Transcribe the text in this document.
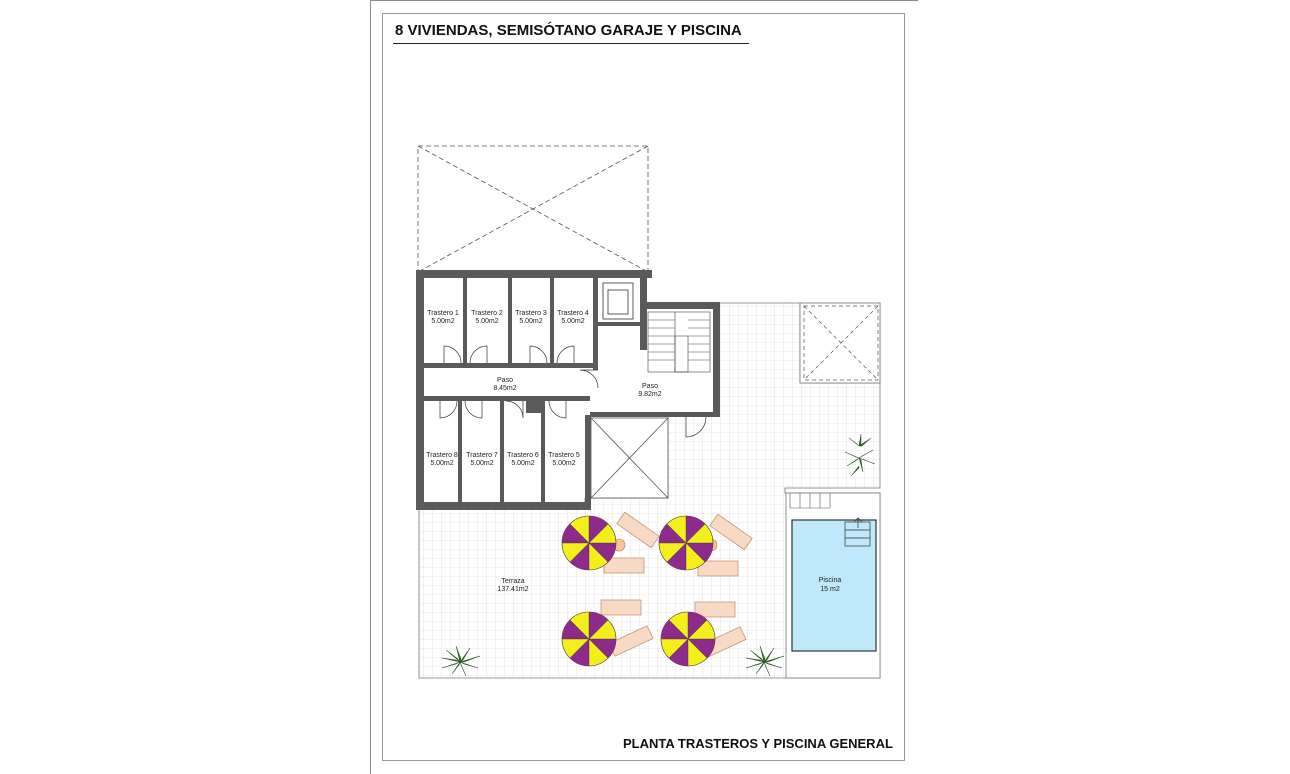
8 VIVIENDAS, SEMISÓTANO GARAJE Y PISCINA
Trastero 1
5.00m2
Trastero 2
5.00m2
Trastero 3
5.00m2
Trastero 4
5.00m2
Trastero 8
5.00m2
Trastero 7
5.00m2
Trastero 6
5.00m2
Trastero 5
5.00m2
Paso
8.45m2	Paso
9.82m2
Terraza
137.41m2
Piscina
15 m2
PLANTA TRASTEROS Y PISCINA GENERAL
